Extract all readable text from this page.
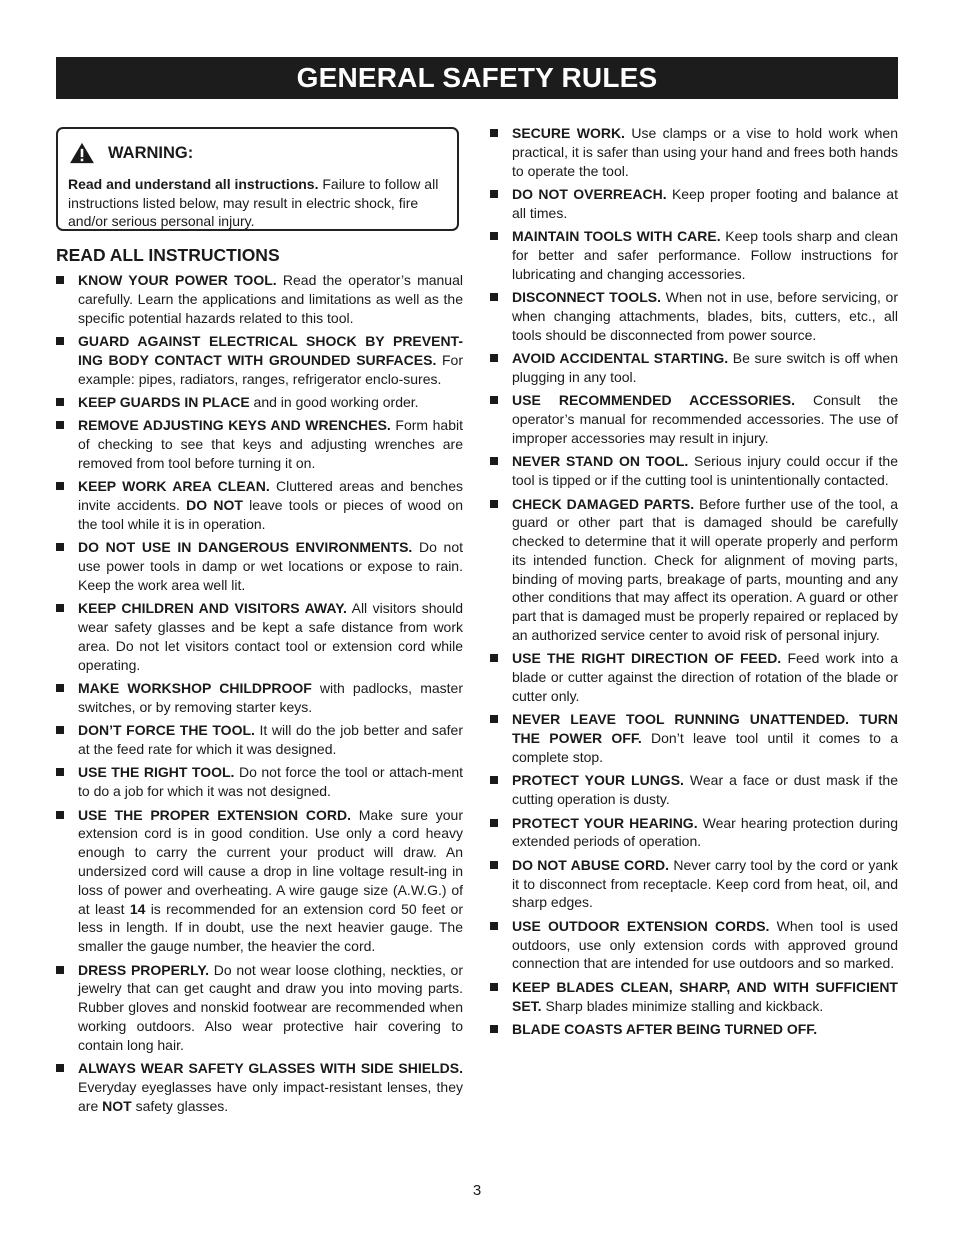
GENERAL SAFETY RULES
WARNING:
Read and understand all instructions. Failure to follow all instructions listed below, may result in electric shock, fire and/or serious personal injury.
READ ALL INSTRUCTIONS
KNOW YOUR POWER TOOL. Read the operator’s manual carefully. Learn the applications and limitations as well as the specific potential hazards related to this tool.
GUARD AGAINST ELECTRICAL SHOCK BY PREVENT-ING BODY CONTACT WITH GROUNDED SURFACES. For example: pipes, radiators, ranges, refrigerator enclo-sures.
KEEP GUARDS IN PLACE and in good working order.
REMOVE ADJUSTING KEYS AND WRENCHES. Form habit of checking to see that keys and adjusting wrenches are removed from tool before turning it on.
KEEP WORK AREA CLEAN. Cluttered areas and benches invite accidents. DO NOT leave tools or pieces of wood on the tool while it is in operation.
DO NOT USE IN DANGEROUS ENVIRONMENTS. Do not use power tools in damp or wet locations or expose to rain. Keep the work area well lit.
KEEP CHILDREN AND VISITORS AWAY. All visitors should wear safety glasses and be kept a safe distance from work area. Do not let visitors contact tool or extension cord while operating.
MAKE WORKSHOP CHILDPROOF with padlocks, master switches, or by removing starter keys.
DON’T FORCE THE TOOL. It will do the job better and safer at the feed rate for which it was designed.
USE THE RIGHT TOOL. Do not force the tool or attach-ment to do a job for which it was not designed.
USE THE PROPER EXTENSION CORD. Make sure your extension cord is in good condition. Use only a cord heavy enough to carry the current your product will draw. An undersized cord will cause a drop in line voltage result-ing in loss of power and overheating. A wire gauge size (A.W.G.) of at least 14 is recommended for an extension cord 50 feet or less in length. If in doubt, use the next heavier gauge. The smaller the gauge number, the heavier the cord.
DRESS PROPERLY. Do not wear loose clothing, neckties, or jewelry that can get caught and draw you into moving parts. Rubber gloves and nonskid footwear are recommended when working outdoors. Also wear protective hair covering to contain long hair.
ALWAYS WEAR SAFETY GLASSES WITH SIDE SHIELDS. Everyday eyeglasses have only impact-resistant lenses, they are NOT safety glasses.
SECURE WORK. Use clamps or a vise to hold work when practical, it is safer than using your hand and frees both hands to operate the tool.
DO NOT OVERREACH. Keep proper footing and balance at all times.
MAINTAIN TOOLS WITH CARE. Keep tools sharp and clean for better and safer performance. Follow instructions for lubricating and changing accessories.
DISCONNECT TOOLS. When not in use, before servicing, or when changing attachments, blades, bits, cutters, etc., all tools should be disconnected from power source.
AVOID ACCIDENTAL STARTING. Be sure switch is off when plugging in any tool.
USE RECOMMENDED ACCESSORIES. Consult the operator’s manual for recommended accessories. The use of improper accessories may result in injury.
NEVER STAND ON TOOL. Serious injury could occur if the tool is tipped or if the cutting tool is unintentionally contacted.
CHECK DAMAGED PARTS. Before further use of the tool, a guard or other part that is damaged should be carefully checked to determine that it will operate properly and perform its intended function. Check for alignment of moving parts, binding of moving parts, breakage of parts, mounting and any other conditions that may affect its operation. A guard or other part that is damaged must be properly repaired or replaced by an authorized service center to avoid risk of personal injury.
USE THE RIGHT DIRECTION OF FEED. Feed work into a blade or cutter against the direction of rotation of the blade or cutter only.
NEVER LEAVE TOOL RUNNING UNATTENDED. TURN THE POWER OFF. Don’t leave tool until it comes to a complete stop.
PROTECT YOUR LUNGS. Wear a face or dust mask if the cutting operation is dusty.
PROTECT YOUR HEARING. Wear hearing protection during extended periods of operation.
DO NOT ABUSE CORD. Never carry tool by the cord or yank it to disconnect from receptacle. Keep cord from heat, oil, and sharp edges.
USE OUTDOOR EXTENSION CORDS. When tool is used outdoors, use only extension cords with approved ground connection that are intended for use outdoors and so marked.
KEEP BLADES CLEAN, SHARP, AND WITH SUFFICIENT SET. Sharp blades minimize stalling and kickback.
BLADE COASTS AFTER BEING TURNED OFF.
3
